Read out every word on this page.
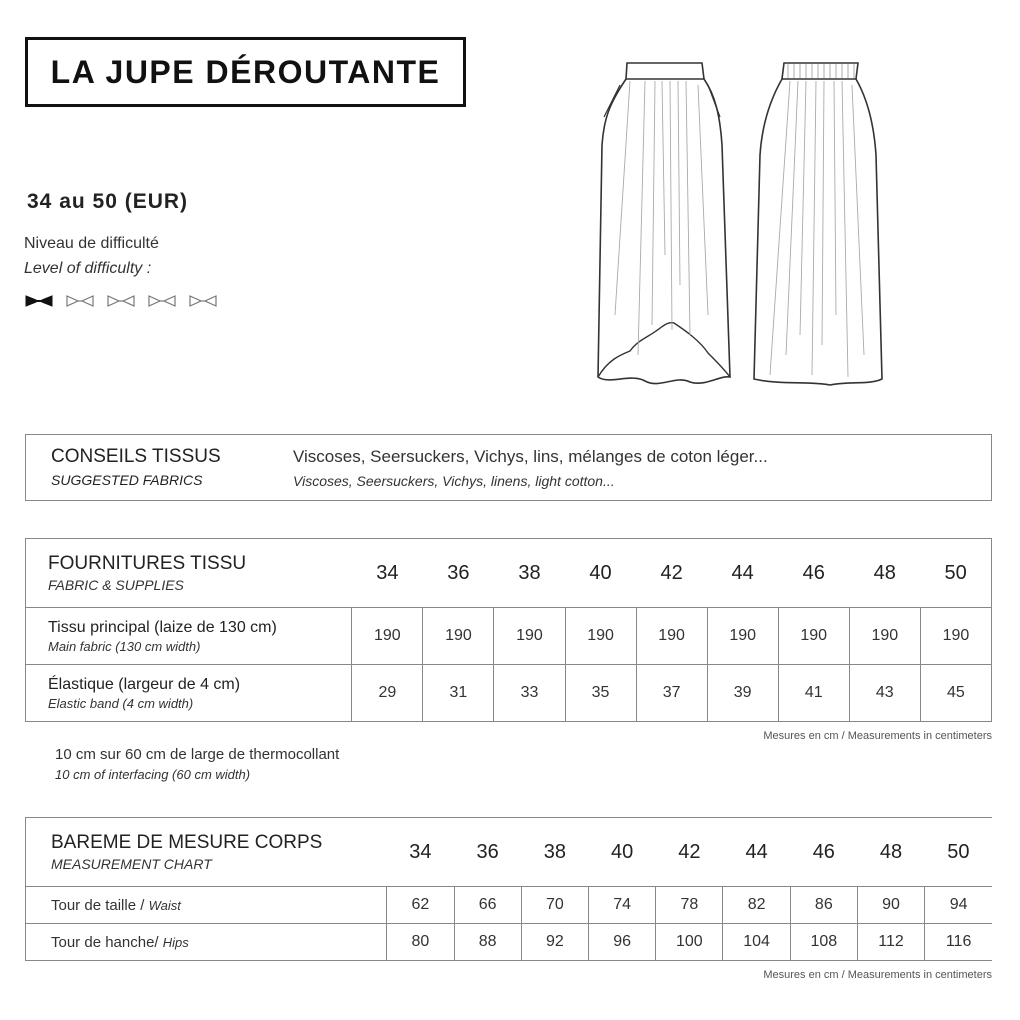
LA JUPE DÉROUTANTE
34 au 50 (EUR)
Niveau de difficulté
Level of difficulty :
CONSEILS TISSUS
SUGGESTED FABRICS
Viscoses, Seersuckers, Vichys, lins, mélanges de coton léger...
Viscoses, Seersuckers, Vichys, linens, light cotton...
FOURNITURES TISSU
FABRIC & SUPPLIES	34	36	38	40	42	44	46	48	50

Tissu principal (laize de 130 cm)
Main fabric (130 cm width)	190	190	190	190	190	190	190	190	190

Élastique (largeur de 4 cm)
Elastic band (4 cm width)	29	31	33	35	37	39	41	43	45
Mesures en cm / Measurements in centimeters
10 cm sur 60 cm de large de thermocollant
10 cm of interfacing (60 cm width)
BAREME DE MESURE CORPS
MEASUREMENT CHART	34	36	38	40	42	44	46	48	50
Tour de taille / Waist	62	66	70	74	78	82	86	90	94
Tour de hanche/ Hips	80	88	92	96	100	104	108	112	116
Mesures en cm / Measurements in centimeters
